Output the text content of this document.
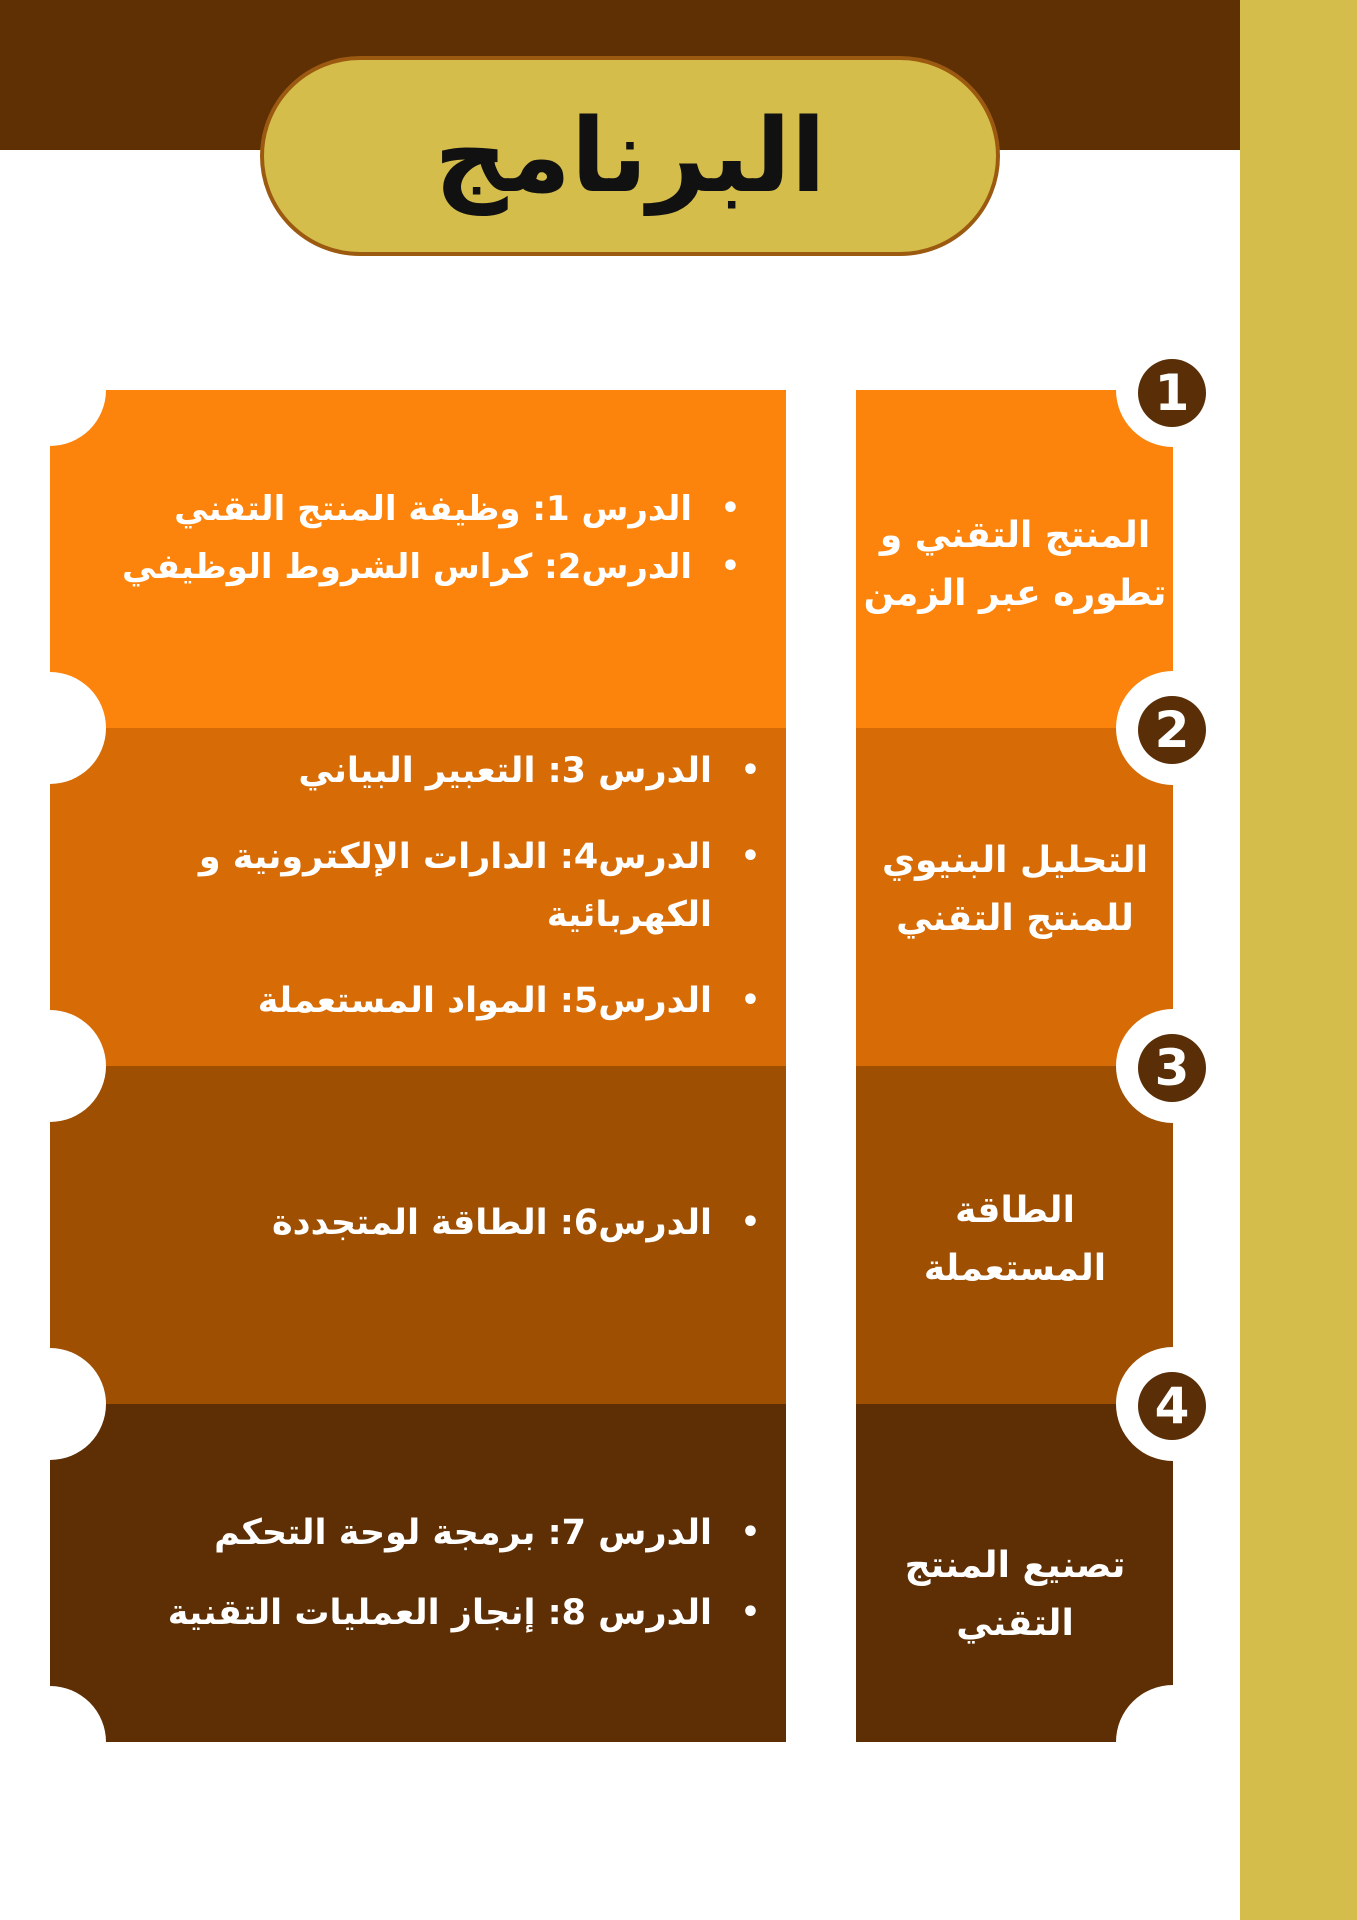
البرنامج
1
2
3
4
المنتج التقني و تطوره عبر الزمن
التحليل البنيوي للمنتج التقني
الطاقة المستعملة
تصنيع المنتج التقني
• الدرس 1: وظيفة المنتج التقني
• الدرس2: كراس الشروط الوظيفي
• الدرس 3: التعبير البياني
• الدرس4: الدارات الإلكترونية و الكهربائية
• الدرس5: المواد المستعملة
• الدرس6: الطاقة المتجددة
• الدرس 7: برمجة لوحة التحكم
• الدرس 8: إنجاز العمليات التقنية
